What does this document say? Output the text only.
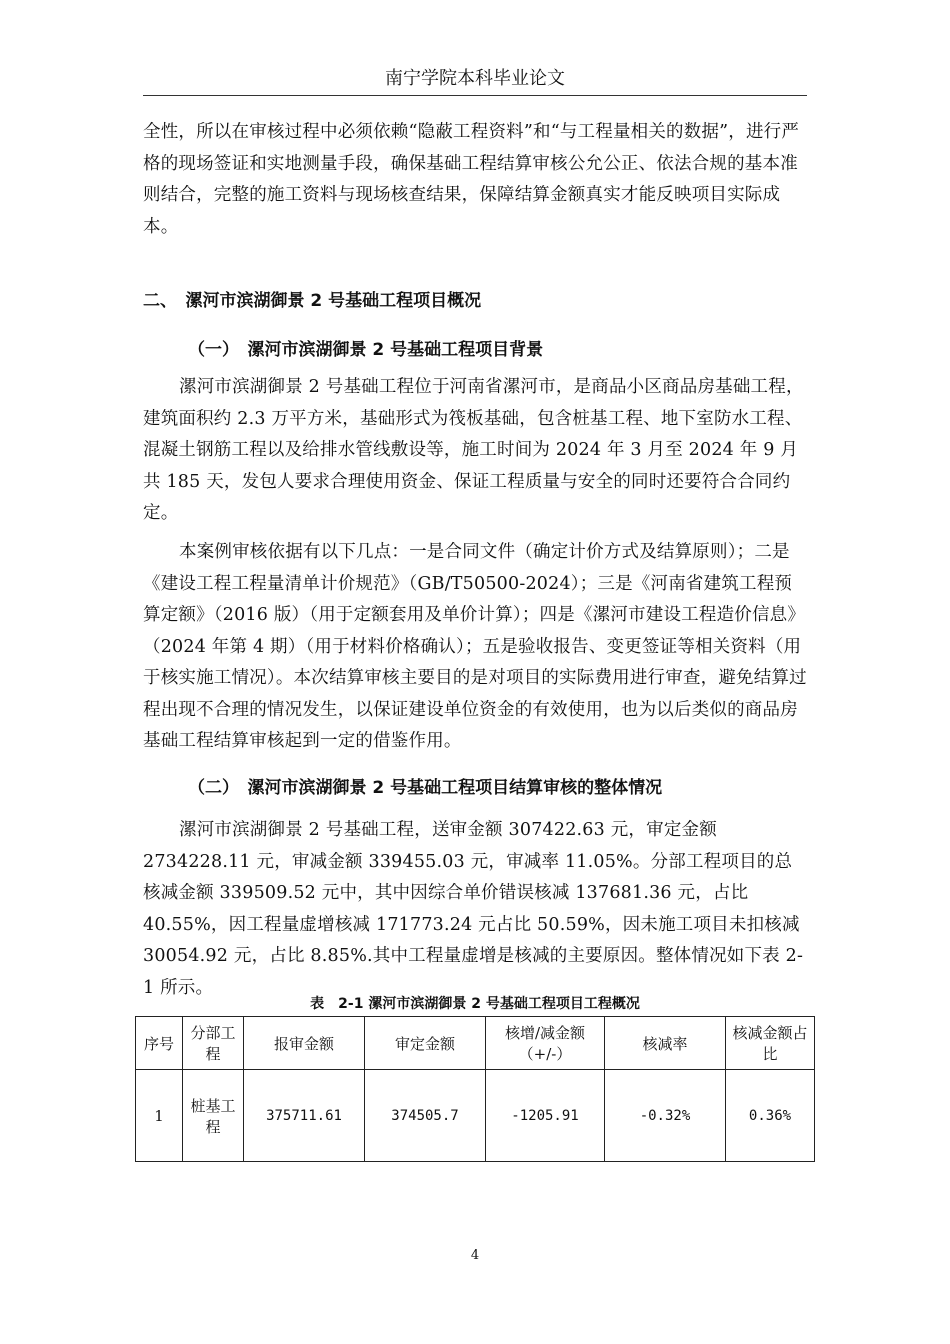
南宁学院本科毕业论文
全性，所以在审核过程中必须依赖“隐蔽工程资料”和“与工程量相关的数据”，进行严格的现场签证和实地测量手段，确保基础工程结算审核公允公正、依法合规的基本准则结合，完整的施工资料与现场核查结果，保障结算金额真实才能反映项目实际成本。
二、　漯河市滨湖御景 2 号基础工程项目概况
（一）　漯河市滨湖御景 2 号基础工程项目背景
漯河市滨湖御景 2 号基础工程位于河南省漯河市，是商品小区商品房基础工程，建筑面积约 2.3 万平方米，基础形式为筏板基础，包含桩基工程、地下室防水工程、混凝土钢筋工程以及给排水管线敷设等，施工时间为 2024 年 3 月至 2024 年 9 月共 185 天，发包人要求合理使用资金、保证工程质量与安全的同时还要符合合同约定。
本案例审核依据有以下几点：一是合同文件（确定计价方式及结算原则）；二是《建设工程工程量清单计价规范》（GB/T50500-2024）；三是《河南省建筑工程预算定额》（2016 版）（用于定额套用及单价计算）；四是《漯河市建设工程造价信息》（2024 年第 4 期）（用于材料价格确认）；五是验收报告、变更签证等相关资料（用于核实施工情况）。本次结算审核主要目的是对项目的实际费用进行审查，避免结算过程出现不合理的情况发生，以保证建设单位资金的有效使用，也为以后类似的商品房基础工程结算审核起到一定的借鉴作用。
（二）　漯河市滨湖御景 2 号基础工程项目结算审核的整体情况
漯河市滨湖御景 2 号基础工程，送审金额 307422.63 元，审定金额 2734228.11 元，审减金额 339455.03 元，审减率 11.05%。分部工程项目的总核减金额 339509.52 元中，其中因综合单价错误核减 137681.36 元，占比 40.55%，因工程量虚增核减 171773.24 元占比 50.59%，因未施工项目未扣核减 30054.92 元，占比 8.85%.其中工程量虚增是核减的主要原因。整体情况如下表 2-1 所示。
表　2-1 漯河市滨湖御景 2 号基础工程项目工程概况
序号	分部工程	报审金额	审定金额	核增/减金额（+/-）	核减率	核减金额占比
1	桩基工程	375711.61	374505.7	-1205.91	-0.32%	0.36%
4
